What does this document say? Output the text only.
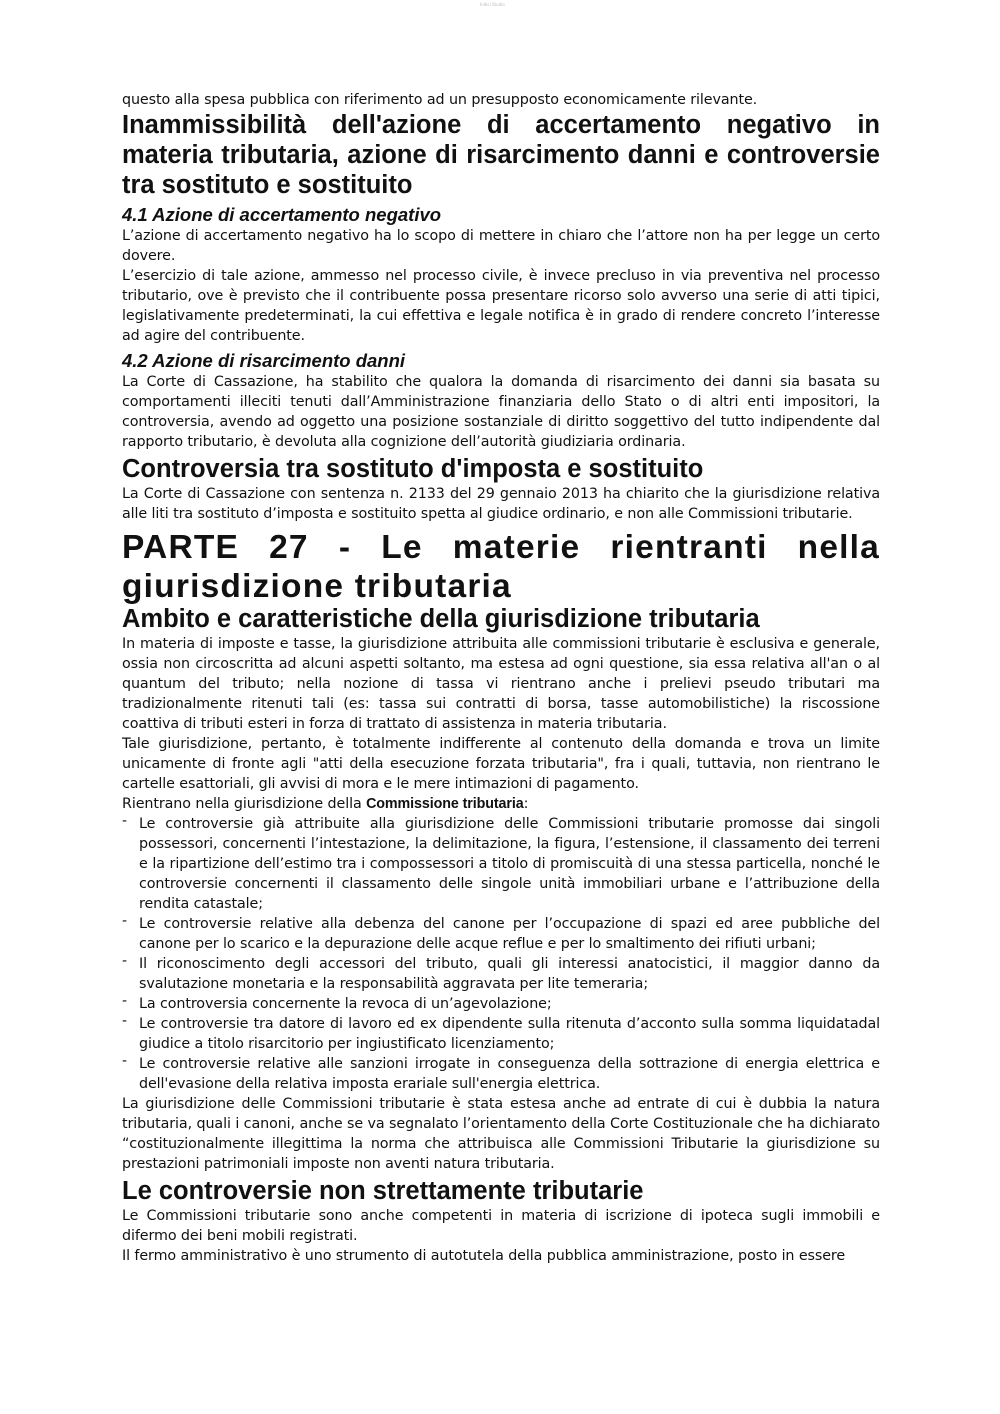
Indici Studio

questo alla spesa pubblica con riferimento ad un presupposto economicamente rilevante.

Inammissibilità dell'azione di accertamento negativo in materia tributaria, azione di risarcimento danni e controversie tra sostituto e sostituito
4.1 Azione di accertamento negativo

L’azione di accertamento negativo ha lo scopo di mettere in chiaro che l’attore non ha per legge un certo dovere.

L’esercizio di tale azione, ammesso nel processo civile, è invece precluso in via preventiva nel processo tributario, ove è previsto che il contribuente possa presentare ricorso solo avverso una serie di atti tipici, legislativamente predeterminati, la cui effettiva e legale notifica è in grado di rendere concreto l’interesse ad agire del contribuente.

4.2 Azione di risarcimento danni

La Corte di Cassazione, ha stabilito che qualora la domanda di risarcimento dei danni sia basata su comportamenti illeciti tenuti dall’Amministrazione finanziaria dello Stato o di altri enti impositori, la controversia, avendo ad oggetto una posizione sostanziale di diritto soggettivo del tutto indipendente dal rapporto tributario, è devoluta alla cognizione dell’autorità giudiziaria ordinaria.

Controversia tra sostituto d'imposta e sostituito

La Corte di Cassazione con sentenza n. 2133 del 29 gennaio 2013 ha chiarito che la giurisdizione relativa alle liti tra sostituto d’imposta e sostituito spetta al giudice ordinario, e non alle Commissioni tributarie.

PARTE 27 - Le materie rientranti nella giurisdizione tributaria
Ambito e caratteristiche della giurisdizione tributaria

In materia di imposte e tasse, la giurisdizione attribuita alle commissioni tributarie è esclusiva e generale, ossia non circoscritta ad alcuni aspetti soltanto, ma estesa ad ogni questione, sia essa relativa all'an o al quantum del tributo; nella nozione di tassa vi rientrano anche i prelievi pseudo tributari ma tradizionalmente ritenuti tali (es: tassa sui contratti di borsa, tasse automobilistiche) la riscossione coattiva di tributi esteri in forza di trattato di assistenza in materia tributaria.

Tale giurisdizione, pertanto, è totalmente indifferente al contenuto della domanda e trova un limite unicamente di fronte agli "atti della esecuzione forzata tributaria", fra i quali, tuttavia, non rientrano le cartelle esattoriali, gli avvisi di mora e le mere intimazioni di pagamento.

Rientrano nella giurisdizione della Commissione tributaria:

- Le controversie già attribuite alla giurisdizione delle Commissioni tributarie promosse dai singoli possessori, concernenti l’intestazione, la delimitazione, la figura, l’estensione, il classamento dei terreni e la ripartizione dell’estimo tra i compossessori a titolo di promiscuità di una stessa particella, nonché le controversie concernenti il classamento delle singole unità immobiliari urbane e l’attribuzione della rendita catastale;
- Le controversie relative alla debenza del canone per l’occupazione di spazi ed aree pubbliche del canone per lo scarico e la depurazione delle acque reflue e per lo smaltimento dei rifiuti urbani;
- Il riconoscimento degli accessori del tributo, quali gli interessi anatocistici, il maggior danno da svalutazione monetaria e la responsabilità aggravata per lite temeraria;
- La controversia concernente la revoca di un’agevolazione;
- Le controversie tra datore di lavoro ed ex dipendente sulla ritenuta d’acconto sulla somma liquidatadal giudice a titolo risarcitorio per ingiustificato licenziamento;
- Le controversie relative alle sanzioni irrogate in conseguenza della sottrazione di energia elettrica e dell'evasione della relativa imposta erariale sull'energia elettrica.

La giurisdizione delle Commissioni tributarie è stata estesa anche ad entrate di cui è dubbia la natura tributaria, quali i canoni, anche se va segnalato l’orientamento della Corte Costituzionale che ha dichiarato “costituzionalmente illegittima la norma che attribuisca alle Commissioni Tributarie la giurisdizione su prestazioni patrimoniali imposte non aventi natura tributaria.

Le controversie non strettamente tributarie

Le Commissioni tributarie sono anche competenti in materia di iscrizione di ipoteca sugli immobili e difermo dei beni mobili registrati.

Il fermo amministrativo è uno strumento di autotutela della pubblica amministrazione, posto in essere
